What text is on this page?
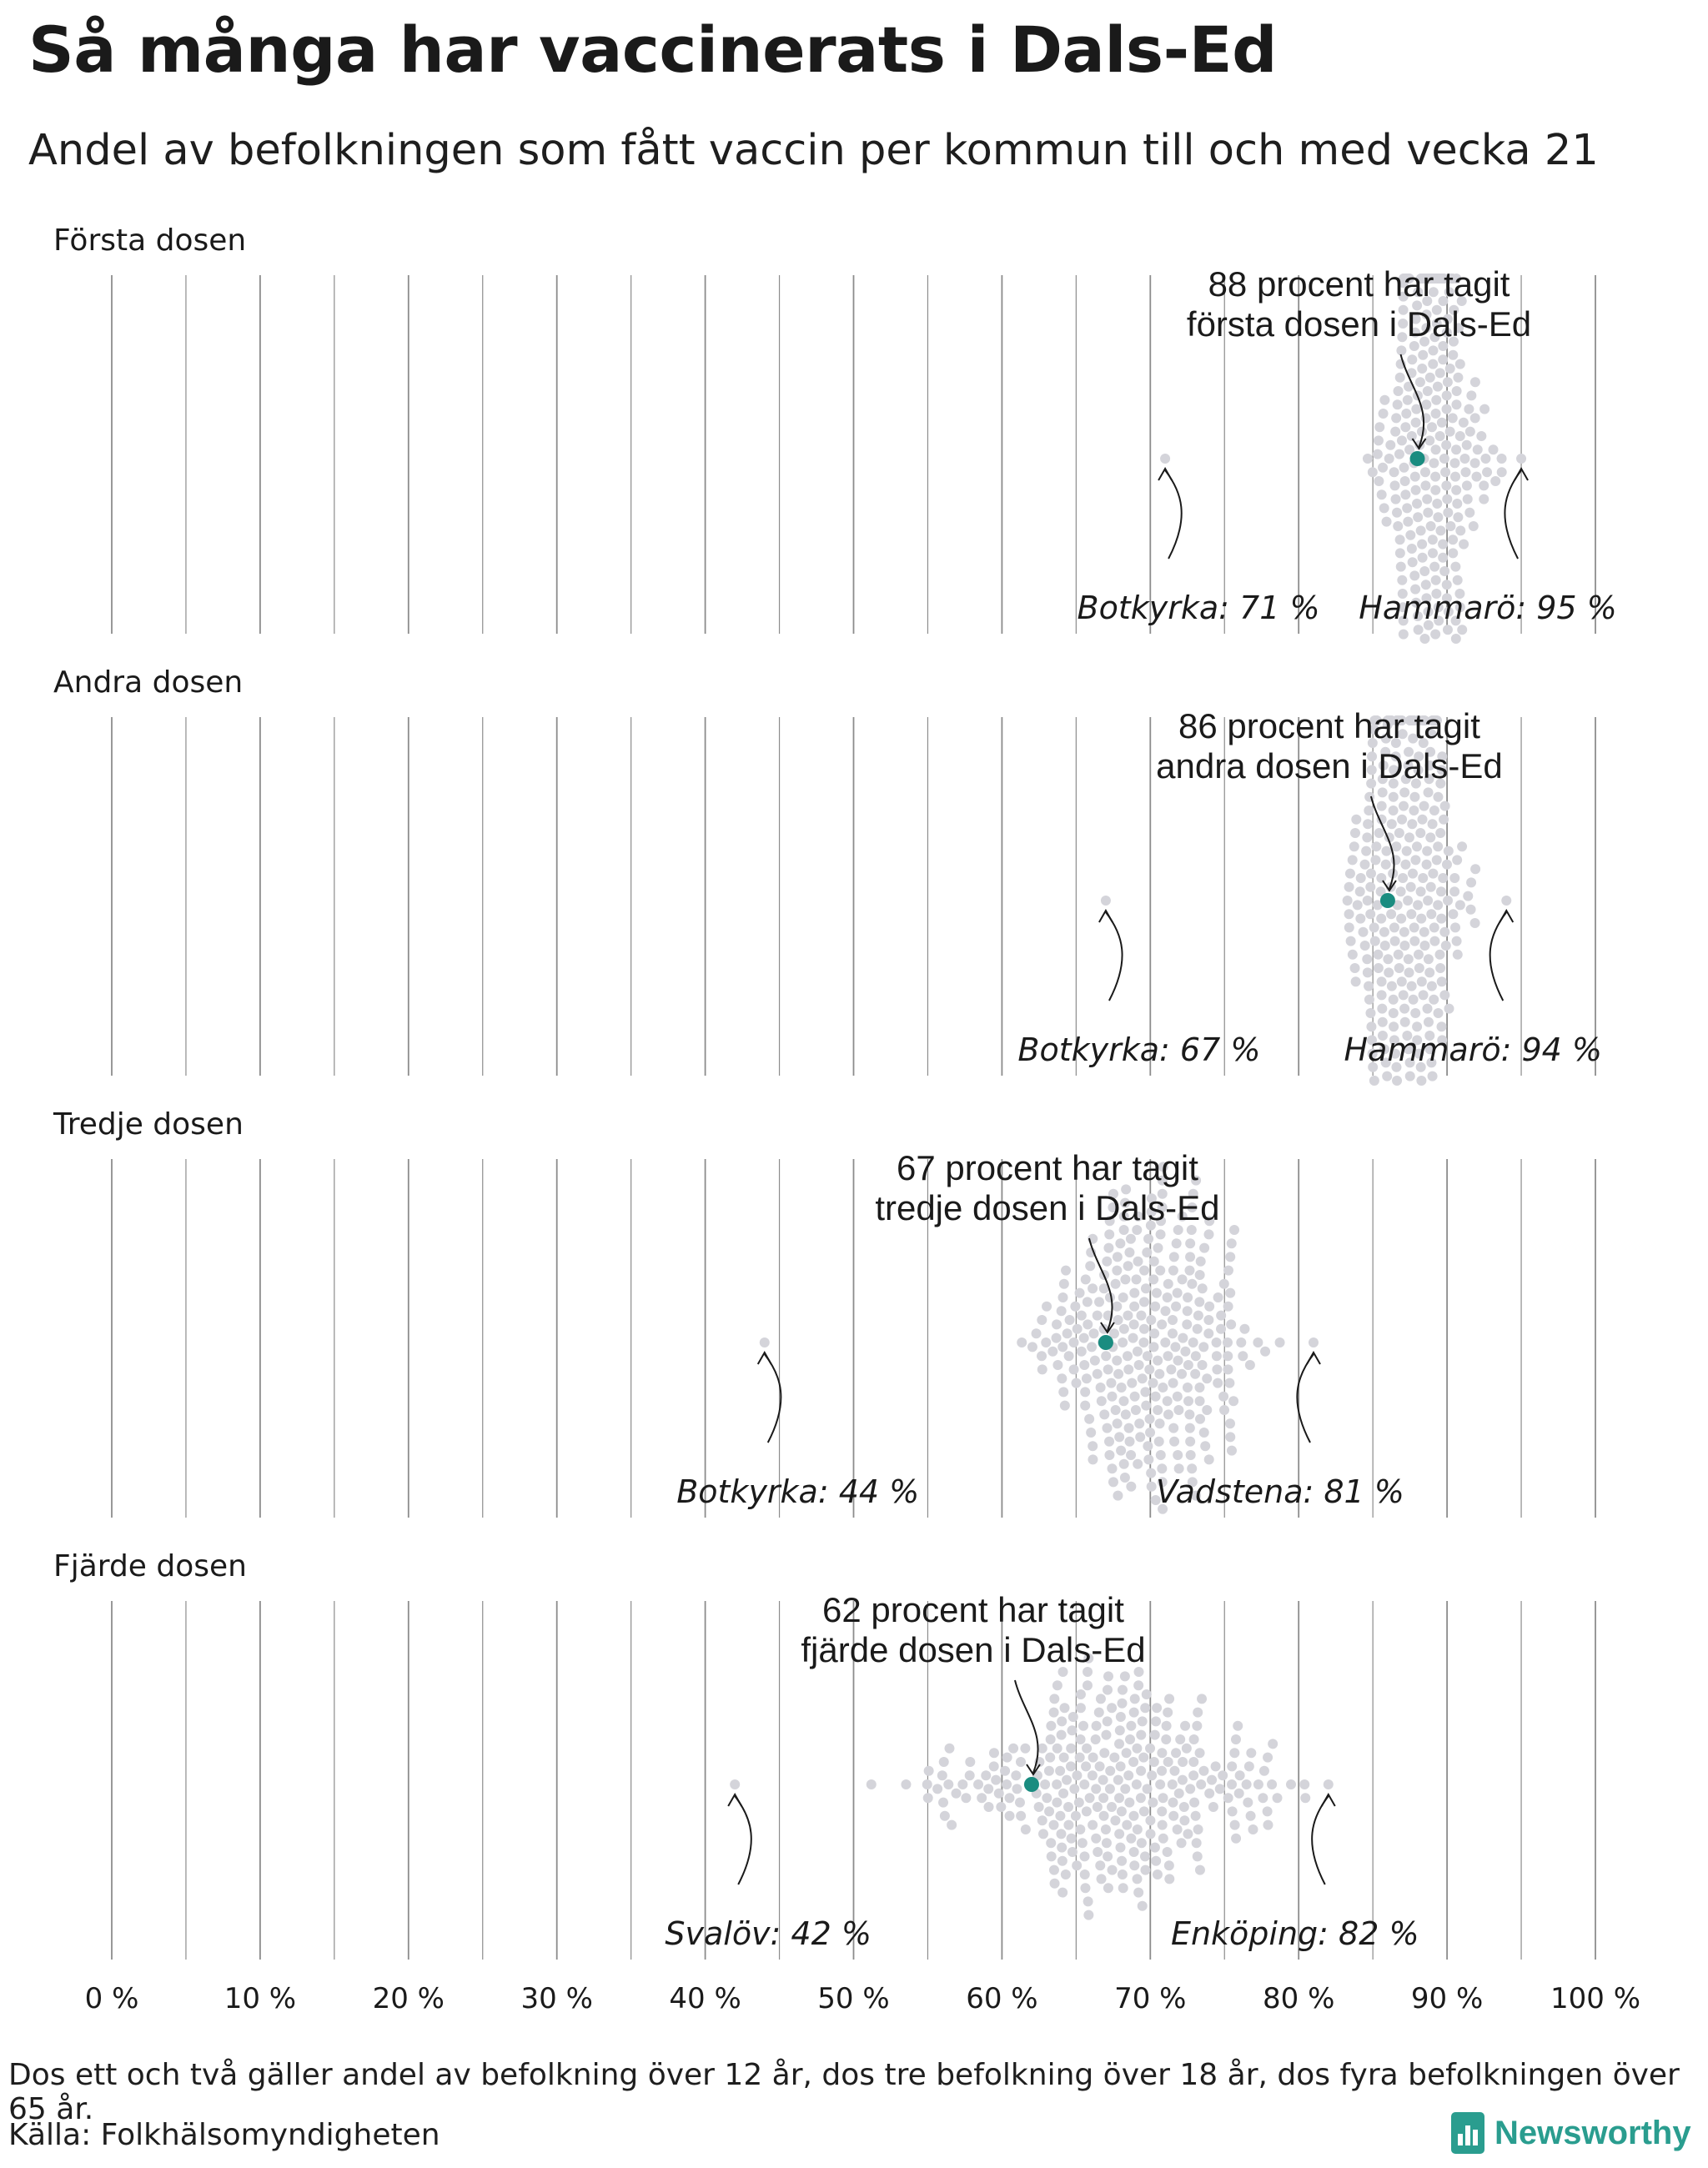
Så många har vaccinerats i Dals-Ed

Andel av befolkningen som fått vaccin per kommun till och med vecka 21

Första dosen
88 procent har tagit
första dosen i Dals-Ed
Botkyrka: 71 % Hammarö: 95 %
Andra dosen
86 procent har tagit
andra dosen i Dals-Ed
Botkyrka: 67 %	Hammarö: 94 %
Tredje dosen
67 procent har tagit
tredje dosen i Dals-Ed
Botkyrka: 44 %	Vadstena: 81 %
Fjärde dosen
62 procent har tagit
fjärde dosen i Dals-Ed
Svalöv: 42 %	Enköping: 82 %
0 %	10 %	20 %	30 %	40 %	50 %	60 %	70 %	80 %	90 % 100 %

Dos ett och två gäller andel av befolkning över 12 år, dos tre befolkning över 18 år, dos fyra befolkningen över 65 år.

Källa: Folkhälsomyndigheten	Newsworthy
